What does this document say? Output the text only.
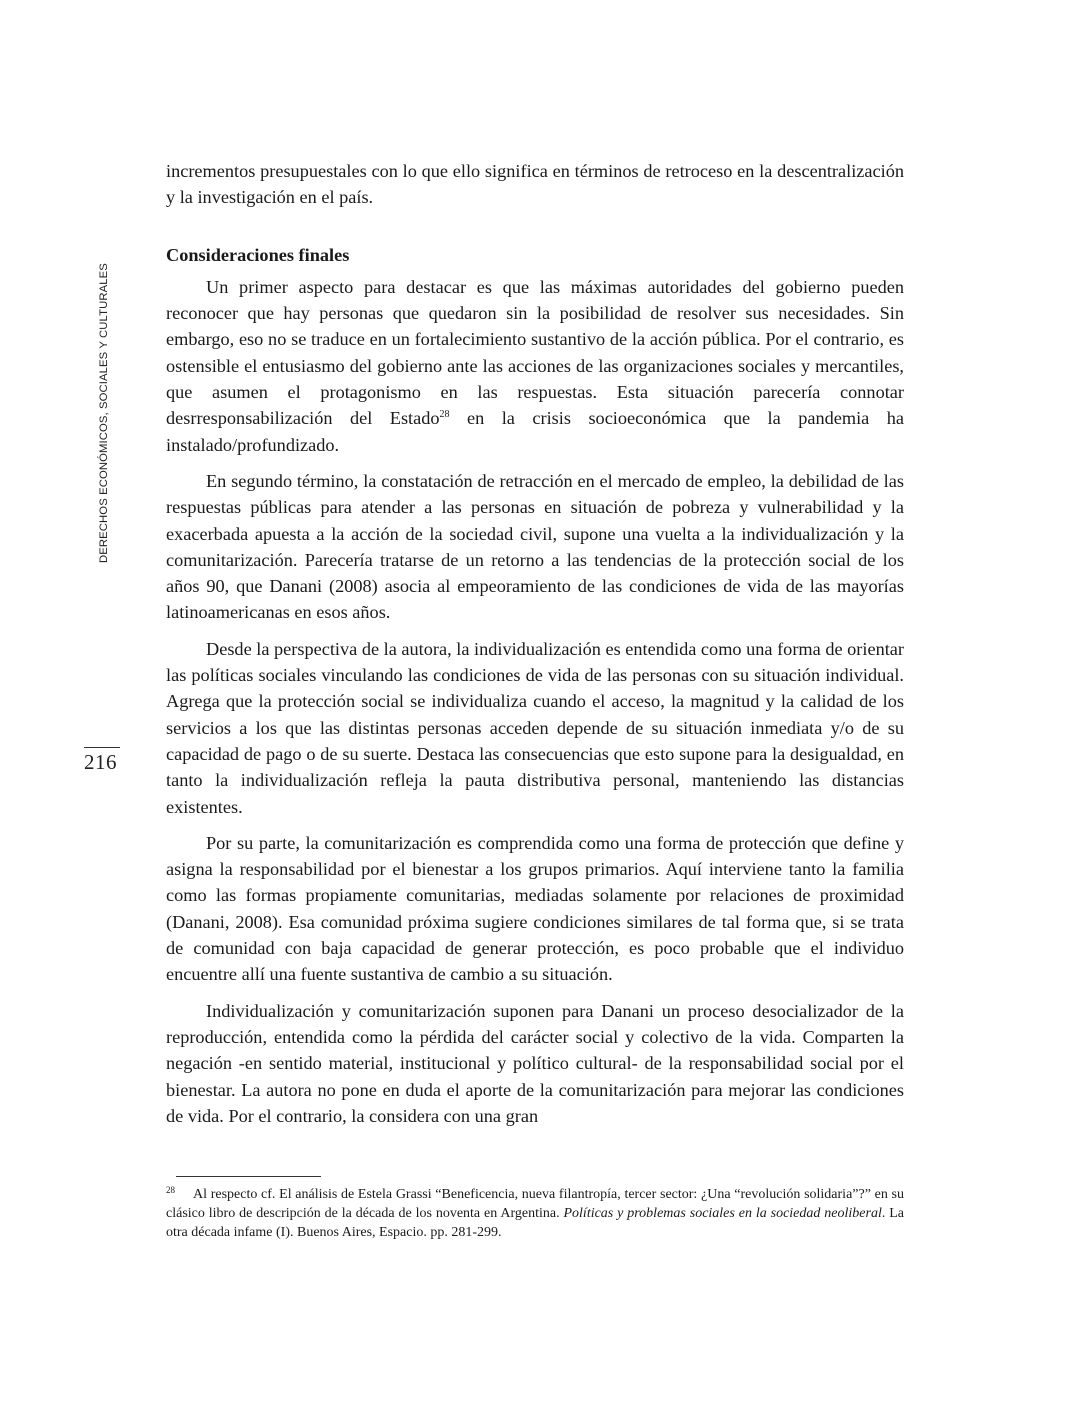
DERECHOS ECONÓMICOS, SOCIALES Y CULTURALES
216

incrementos presupuestales con lo que ello significa en términos de retroceso en la descentralización y la investigación en el país.

Consideraciones finales

Un primer aspecto para destacar es que las máximas autoridades del gobierno pueden reconocer que hay personas que quedaron sin la posibilidad de resolver sus necesidades. Sin embargo, eso no se traduce en un fortalecimiento sustantivo de la acción pública. Por el contrario, es ostensible el entusiasmo del gobierno ante las acciones de las organizaciones sociales y mercantiles, que asumen el protagonismo en las respuestas. Esta situación parecería connotar desrresponsabilización del Estado$^{28}$ en la crisis socioeconómica que la pandemia ha instalado/profundizado.

En segundo término, la constatación de retracción en el mercado de empleo, la debilidad de las respuestas públicas para atender a las personas en situación de pobreza y vulnerabilidad y la exacerbada apuesta a la acción de la sociedad civil, supone una vuelta a la individualización y la comunitarización. Parecería tratarse de un retorno a las tendencias de la protección social de los años 90, que Danani (2008) asocia al empeoramiento de las condiciones de vida de las mayorías latinoamericanas en esos años.

Desde la perspectiva de la autora, la individualización es entendida como una forma de orientar las políticas sociales vinculando las condiciones de vida de las personas con su situación individual. Agrega que la protección social se individualiza cuando el acceso, la magnitud y la calidad de los servicios a los que las distintas personas acceden depende de su situación inmediata y/o de su capacidad de pago o de su suerte. Destaca las consecuencias que esto supone para la desigualdad, en tanto la individualización refleja la pauta distributiva personal, manteniendo las distancias existentes.

Por su parte, la comunitarización es comprendida como una forma de protección que define y asigna la responsabilidad por el bienestar a los grupos primarios. Aquí interviene tanto la familia como las formas propiamente comunitarias, mediadas solamente por relaciones de proximidad (Danani, 2008). Esa comunidad próxima sugiere condiciones similares de tal forma que, si se trata de comunidad con baja capacidad de generar protección, es poco probable que el individuo encuentre allí una fuente sustantiva de cambio a su situación.

Individualización y comunitarización suponen para Danani un proceso desocializador de la reproducción, entendida como la pérdida del carácter social y colectivo de la vida. Comparten la negación -en sentido material, institucional y político cultural- de la responsabilidad social por el bienestar. La autora no pone en duda el aporte de la comunitarización para mejorar las condiciones de vida. Por el contrario, la considera con una gran

$^{28}$ Al respecto cf. El análisis de Estela Grassi “Beneficencia, nueva filantropía, tercer sector: ¿Una “revolución solidaria”?” en su clásico libro de descripción de la década de los noventa en Argentina. Políticas y problemas sociales en la sociedad neoliberal. La otra década infame (I). Buenos Aires, Espacio. pp. 281-299.
